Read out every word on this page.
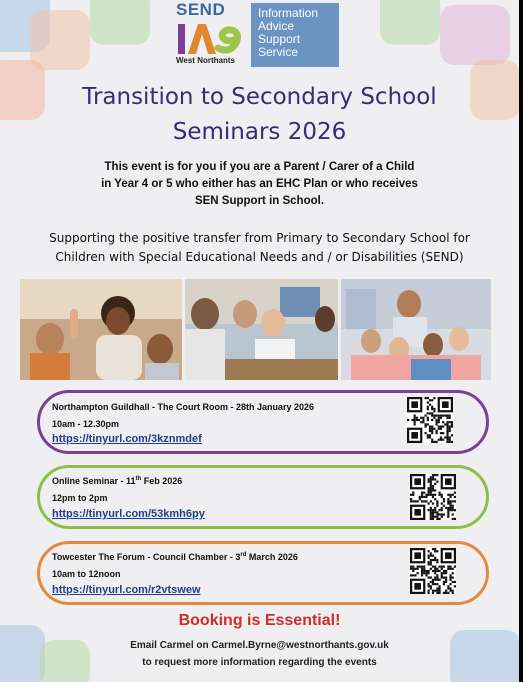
SEND
West Northants
Information
Advice
Support
Service
Transition to Secondary School
Seminars 2026
This event is for you if you are a Parent / Carer of a Child
in Year 4 or 5 who either has an EHC Plan or who receives
SEN Support in School.
Supporting the positive transfer from Primary to Secondary School for
Children with Special Educational Needs and / or Disabilities (SEND)
Northampton Guildhall - The Court Room - 28th January 2026
10am - 12.30pm
https://tinyurl.com/3kznmdef
Online Seminar - 11th Feb 2026
12pm to 2pm
https://tinyurl.com/53kmh6py
Towcester The Forum - Council Chamber - 3rd March 2026
10am to 12noon
https://tinyurl.com/r2vtswew
Booking is Essential!
Email Carmel on Carmel.Byrne@westnorthants.gov.uk
to request more information regarding the events
